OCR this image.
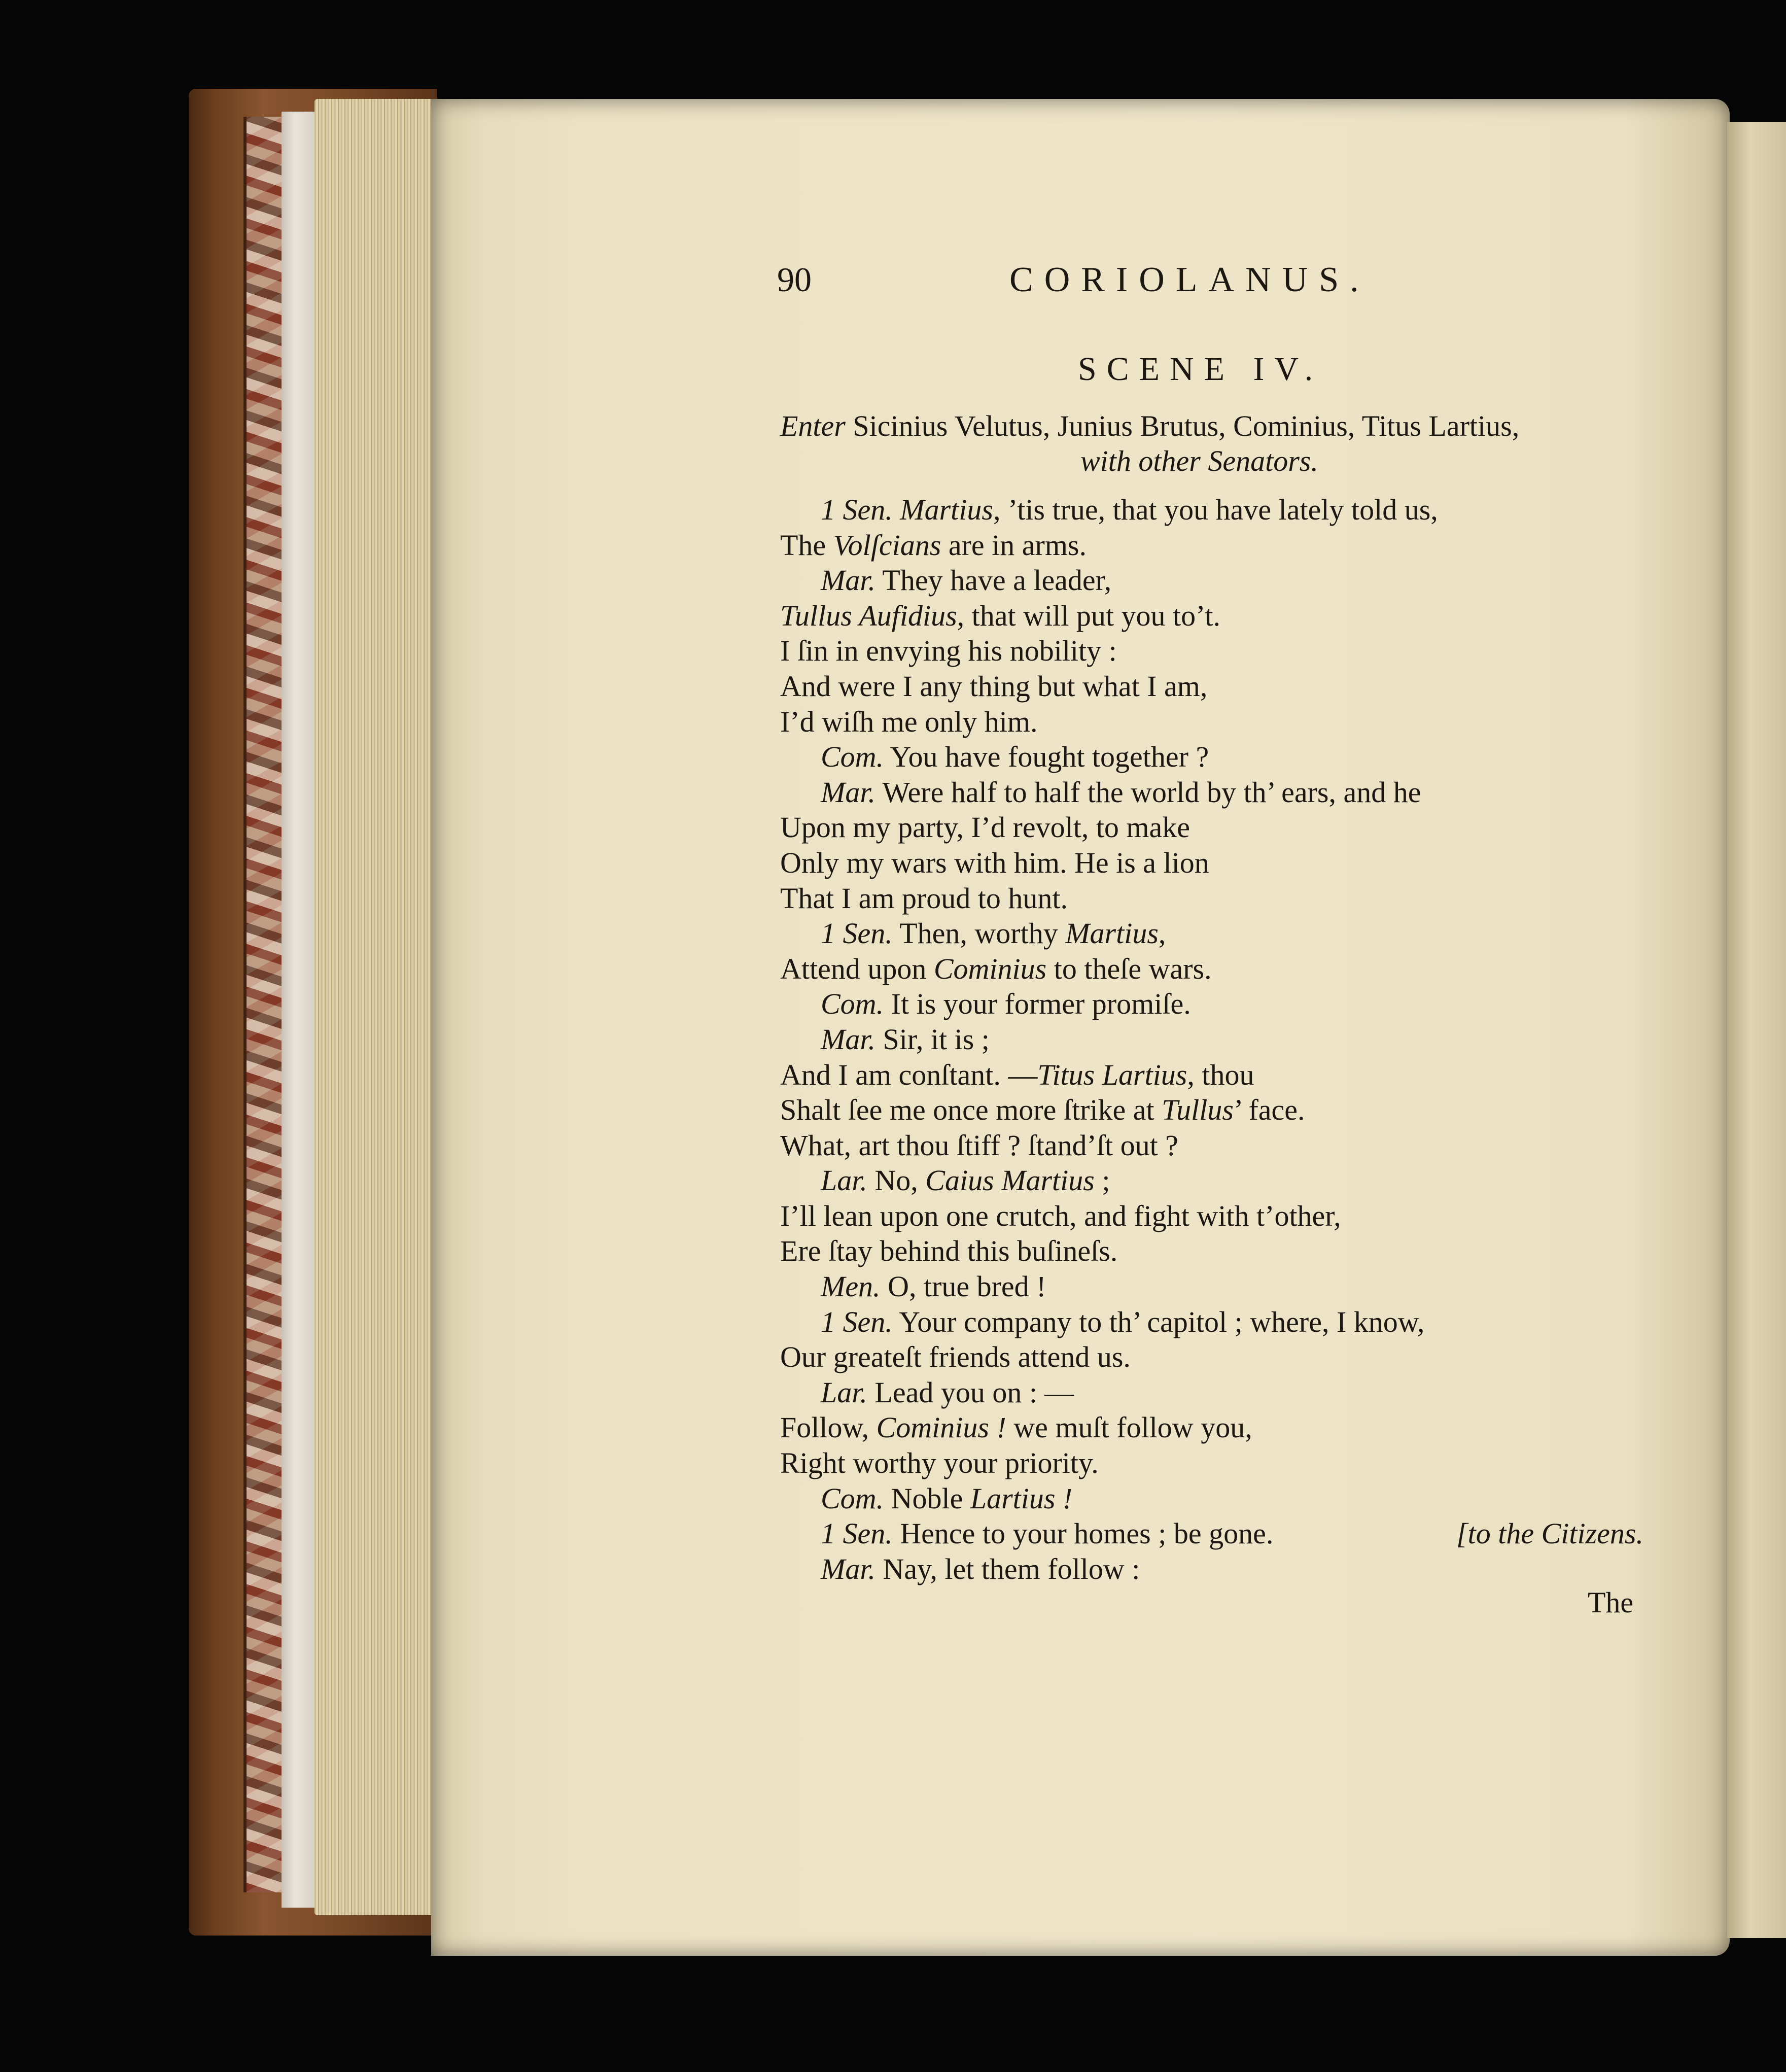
90	CORIOLANUS.
SCENE IV.
Enter Sicinius Velutus, Junius Brutus, Cominius, Titus Lartius,
with other Senators.
1 Sen. Martius, ’tis true, that you have lately told us,
The Volſcians are in arms.
Mar. They have a leader,
Tullus Aufidius, that will put you to’t.
I ſin in envying his nobility :
And were I any thing but what I am,
I’d wiſh me only him.
Com. You have fought together ?
Mar. Were half to half the world by th’ ears, and he
Upon my party, I’d revolt, to make
Only my wars with him. He is a lion
That I am proud to hunt.
1 Sen. Then, worthy Martius,
Attend upon Cominius to theſe wars.
Com. It is your former promiſe.
Mar. Sir, it is ;
And I am conſtant. —Titus Lartius, thou
Shalt ſee me once more ſtrike at Tullus’ face.
What, art thou ſtiff ? ſtand’ſt out ?
Lar. No, Caius Martius ;
I’ll lean upon one crutch, and fight with t’other,
Ere ſtay behind this buſineſs.
Men. O, true bred !
1 Sen. Your company to th’ capitol ; where, I know,
Our greateſt friends attend us.
Lar. Lead you on : —
Follow, Cominius ! we muſt follow you,
Right worthy your priority.
Com. Noble Lartius !
1 Sen. Hence to your homes ; be gone.	[to the Citizens.
Mar. Nay, let them follow :
The
